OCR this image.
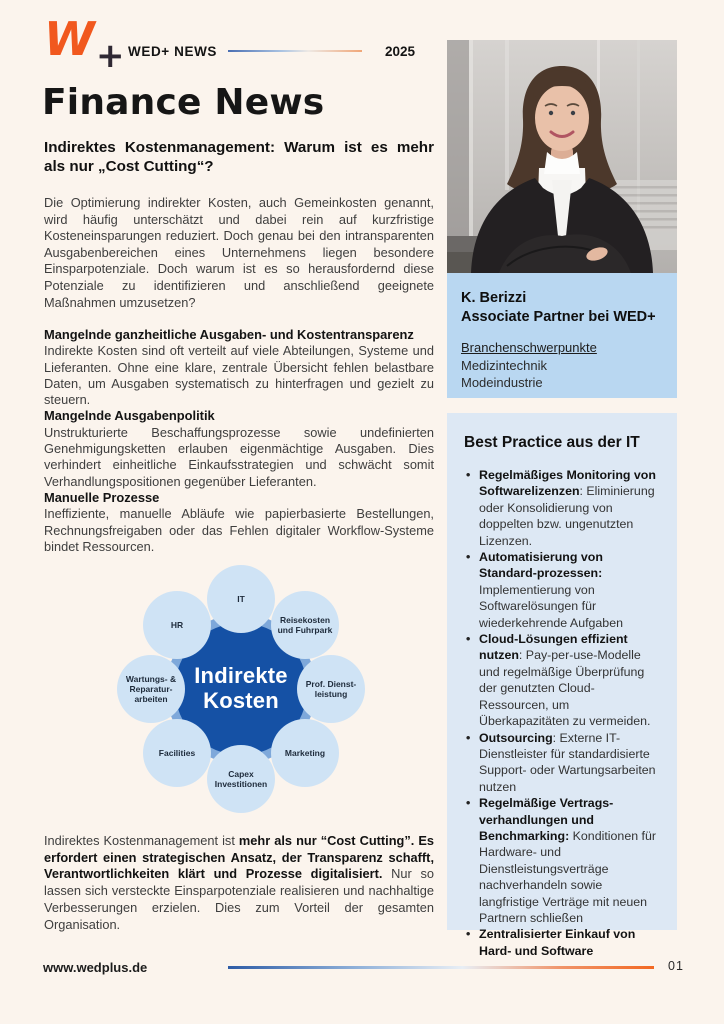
W + WED+ NEWS	2025
Finance News
Indirektes Kostenmanagement: Warum ist es mehr als nur „Cost Cutting“?

Die Optimierung indirekter Kosten, auch Gemeinkosten genannt, wird häufig unterschätzt und dabei rein auf kurzfristige Kosteneinsparungen reduziert. Doch genau bei den intransparenten Ausgabenbereichen eines Unternehmens liegen besondere Einsparpotenziale. Doch warum ist es so herausfordernd diese Potenziale zu identifizieren und anschließend geeignete Maßnahmen umzusetzen?

Mangelnde ganzheitliche Ausgaben- und Kostentransparenz

Indirekte Kosten sind oft verteilt auf viele Abteilungen, Systeme und Lieferanten. Ohne eine klare, zentrale Übersicht fehlen belastbare Daten, um Ausgaben systematisch zu hinterfragen und gezielt zu steuern.

Mangelnde Ausgabenpolitik

Unstrukturierte Beschaffungsprozesse sowie undefinierten Genehmigungsketten erlauben eigenmächtige Ausgaben. Dies verhindert einheitliche Einkaufsstrategien und schwächt somit Verhandlungspositionen gegenüber Lieferanten.

Manuelle Prozesse

Ineffiziente, manuelle Abläufe wie papierbasierte Bestellungen, Rechnungsfreigaben oder das Fehlen digitaler Workflow-Systeme bindet Ressourcen.

Indirekte
Kosten
IT
Reisekosten und Fuhrpark
Prof. Dienst- leistung
Marketing
Capex Investitionen
Facilities
Wartungs- & Reparatur- arbeiten
HR

Indirektes Kostenmanagement ist mehr als nur “Cost Cutting”. Es erfordert einen strategischen Ansatz, der Transparenz schafft, Verantwortlichkeiten klärt und Prozesse digitalisiert. Nur so lassen sich versteckte Einsparpotenziale realisieren und nachhaltige Verbesserungen erzielen. Dies zum Vorteil der gesamten Organisation.

K. Berizzi
Associate Partner bei WED+
Branchenschwerpunkte
Medizintechnik
Modeindustrie
Best Practice aus der IT
• Regelmäßiges Monitoring von Softwarelizenzen: Eliminierung oder Konsolidierung von doppelten bzw. ungenutzten Lizenzen.
• Automatisierung von Standard-prozessen: Implementierung von Softwarelösungen für wiederkehrende Aufgaben
• Cloud-Lösungen effizient nutzen: Pay-per-use-Modelle und regelmäßige Überprüfung der genutzten Cloud-Ressourcen, um Überkapazitäten zu vermeiden.
• Outsourcing: Externe IT-Dienstleister für standardisierte Support- oder Wartungsarbeiten nutzen
• Regelmäßige Vertrags-verhandlungen und Benchmarking: Konditionen für Hardware- und Dienstleistungsverträge nachverhandeln sowie langfristige Verträge mit neuen Partnern schließen
• Zentralisierter Einkauf von Hard- und Software
www.wedplus.de	01
